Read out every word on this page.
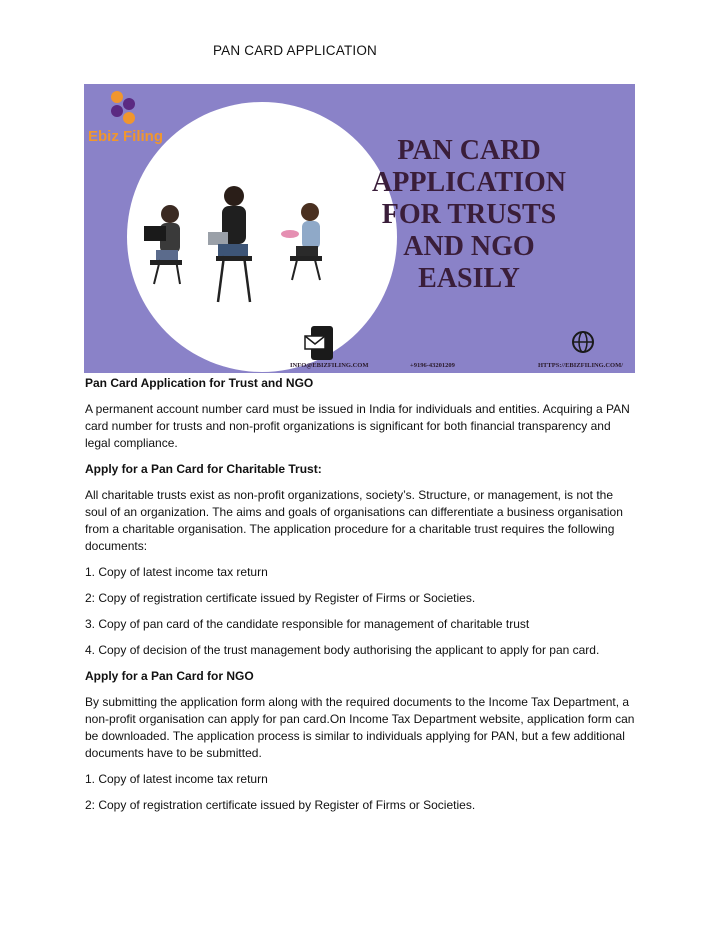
PAN CARD APPLICATION
Ebiz Filing	PAN CARD
APPLICATION
FOR TRUSTS
AND NGO
EASILY
INFO@EBIZFILING.COM	+9196-43201209	HTTPS://EBIZFILING.COM/

Pan Card Application for Trust and NGO

A permanent account number card must be issued in India for individuals and entities. Acquiring a PAN card number for trusts and non-profit organizations is significant for both financial transparency and legal compliance.

Apply for a Pan Card for Charitable Trust:

All charitable trusts exist as non-profit organizations, society’s. Structure, or management, is not the soul of an organization. The aims and goals of organisations can differentiate a business organisation from a charitable organisation. The application procedure for a charitable trust requires the following documents:

1. Copy of latest income tax return

2: Copy of registration certificate issued by Register of Firms or Societies.

3. Copy of pan card of the candidate responsible for management of charitable trust

4. Copy of decision of the trust management body authorising the applicant to apply for pan card.

Apply for a Pan Card for NGO

By submitting the application form along with the required documents to the Income Tax Department, a non-profit organisation can apply for pan card.On Income Tax Department website, application form can be downloaded. The application process is similar to individuals applying for PAN, but a few additional documents have to be submitted.

1. Copy of latest income tax return

2: Copy of registration certificate issued by Register of Firms or Societies.
